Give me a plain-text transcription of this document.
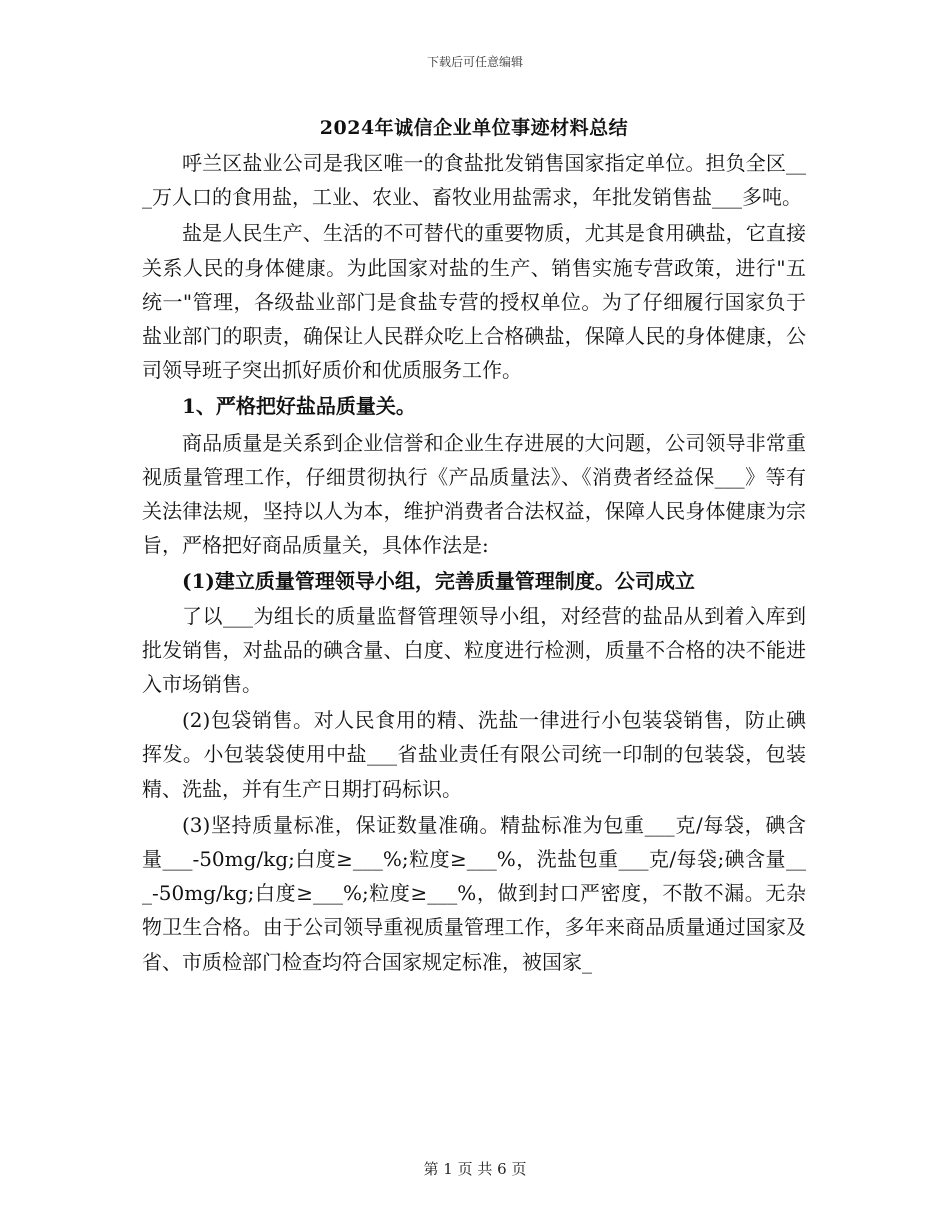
下载后可任意编辑
2024年诚信企业单位事迹材料总结

呼兰区盐业公司是我区唯一的食盐批发销售国家指定单位。担负全区___万人口的食用盐，工业、农业、畜牧业用盐需求，年批发销售盐___多吨。

盐是人民生产、生活的不可替代的重要物质，尤其是食用碘盐，它直接关系人民的身体健康。为此国家对盐的生产、销售实施专营政策，进行"五统一"管理，各级盐业部门是食盐专营的授权单位。为了仔细履行国家负于盐业部门的职责，确保让人民群众吃上合格碘盐，保障人民的身体健康，公司领导班子突出抓好质价和优质服务工作。

1、严格把好盐品质量关。

商品质量是关系到企业信誉和企业生存进展的大问题，公司领导非常重视质量管理工作，仔细贯彻执行《产品质量法》、《消费者经益保___》等有关法律法规，坚持以人为本，维护消费者合法权益，保障人民身体健康为宗旨，严格把好商品质量关，具体作法是:

(1)建立质量管理领导小组，完善质量管理制度。公司成立

了以___为组长的质量监督管理领导小组，对经营的盐品从到着入库到批发销售，对盐品的碘含量、白度、粒度进行检测，质量不合格的决不能进入市场销售。

(2)包袋销售。对人民食用的精、洗盐一律进行小包装袋销售，防止碘挥发。小包装袋使用中盐___省盐业责任有限公司统一印制的包装袋，包装精、洗盐，并有生产日期打码标识。

(3)坚持质量标准，保证数量准确。精盐标准为包重___克/每袋，碘含量___-50mg/kg;白度≥___%;粒度≥___%，洗盐包重___克/每袋;碘含量___-50mg/kg;白度≥___%;粒度≥___%，做到封口严密度，不散不漏。无杂物卫生合格。由于公司领导重视质量管理工作，多年来商品质量通过国家及省、市质检部门检查均符合国家规定标准，被国家_

第 1 页 共 6 页
